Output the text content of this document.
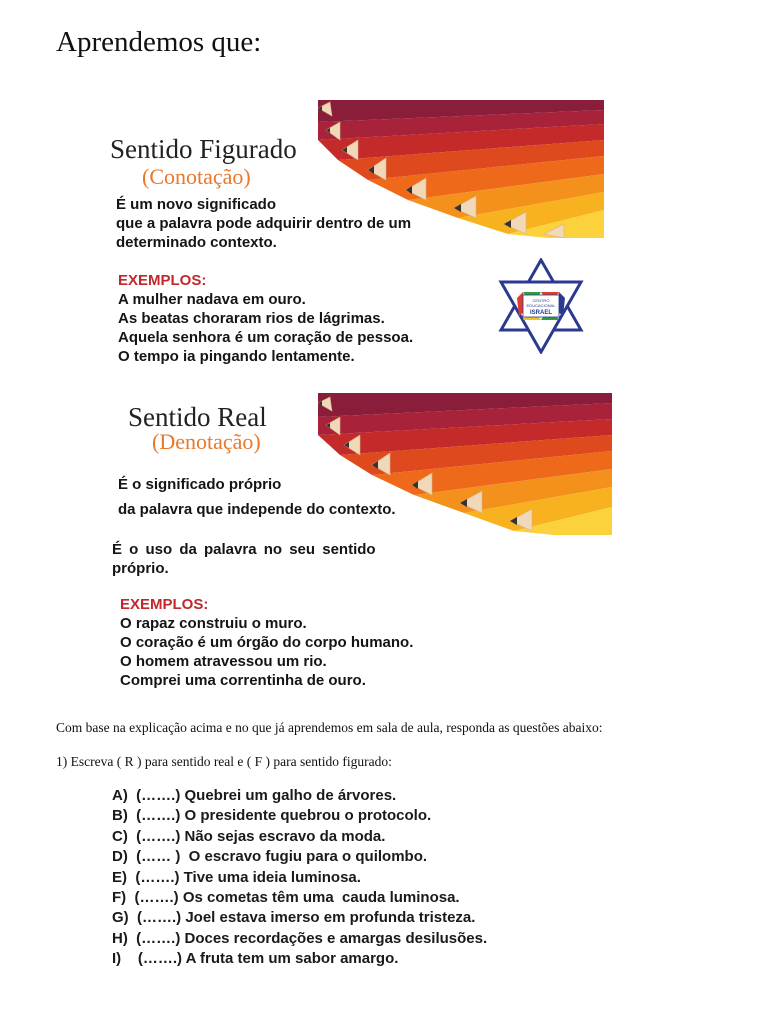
Aprendemos que:
Sentido Figurado
(Conotação)
É um novo significado
que a palavra pode adquirir dentro de um
determinado contexto.
EXEMPLOS:
A mulher nadava em ouro.
As beatas choraram rios de lágrimas.
Aquela senhora é um coração de pessoa.
O tempo ia pingando lentamente.
CENTRO
EDUCACIONAL
ISRAEL
Sentido Real
(Denotação)
É o significado próprio
da palavra que independe do contexto.
É o uso da palavra no seu sentido
próprio.
EXEMPLOS:
O rapaz construiu o muro.
O coração é um órgão do corpo humano.
O homem atravessou um rio.
Comprei uma correntinha de ouro.
Com base na explicação acima e no que já aprendemos em sala de aula, responda as questões abaixo:
1) Escreva ( R ) para sentido real e ( F ) para sentido figurado:
A)  (…….) Quebrei um galho de árvores.
B)  (…….) O presidente quebrou o protocolo.
C)  (…….) Não sejas escravo da moda.
D)  (…… )  O escravo fugiu para o quilombo.
E)  (…….) Tive uma ideia luminosa.
F)  (…….) Os cometas têm uma  cauda luminosa.
G)  (…….) Joel estava imerso em profunda tristeza.
H)  (…….) Doces recordações e amargas desilusões.
I)    (…….) A fruta tem um sabor amargo.
